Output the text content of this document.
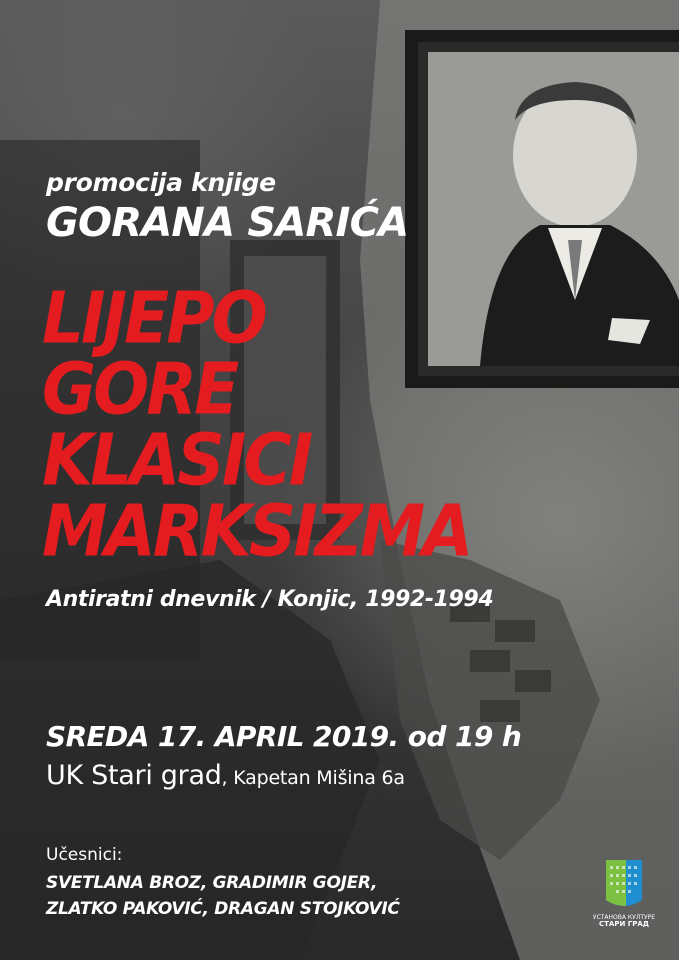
promocija knjige
GORANA SARIĆA
LIJEPO
GORE
KLASICI
MARKSIZMA
Antiratni dnevnik / Konjic, 1992-1994
SREDA 17. APRIL 2019. od 19 h
UK Stari grad, Kapetan Mišina 6a
Učesnici:
SVETLANA BROZ, GRADIMIR GOJER,
ZLATKO PAKOVIĆ, DRAGAN STOJKOVIĆ	УСТАНОВА КУЛТУРЕ
СТАРИ ГРАД
